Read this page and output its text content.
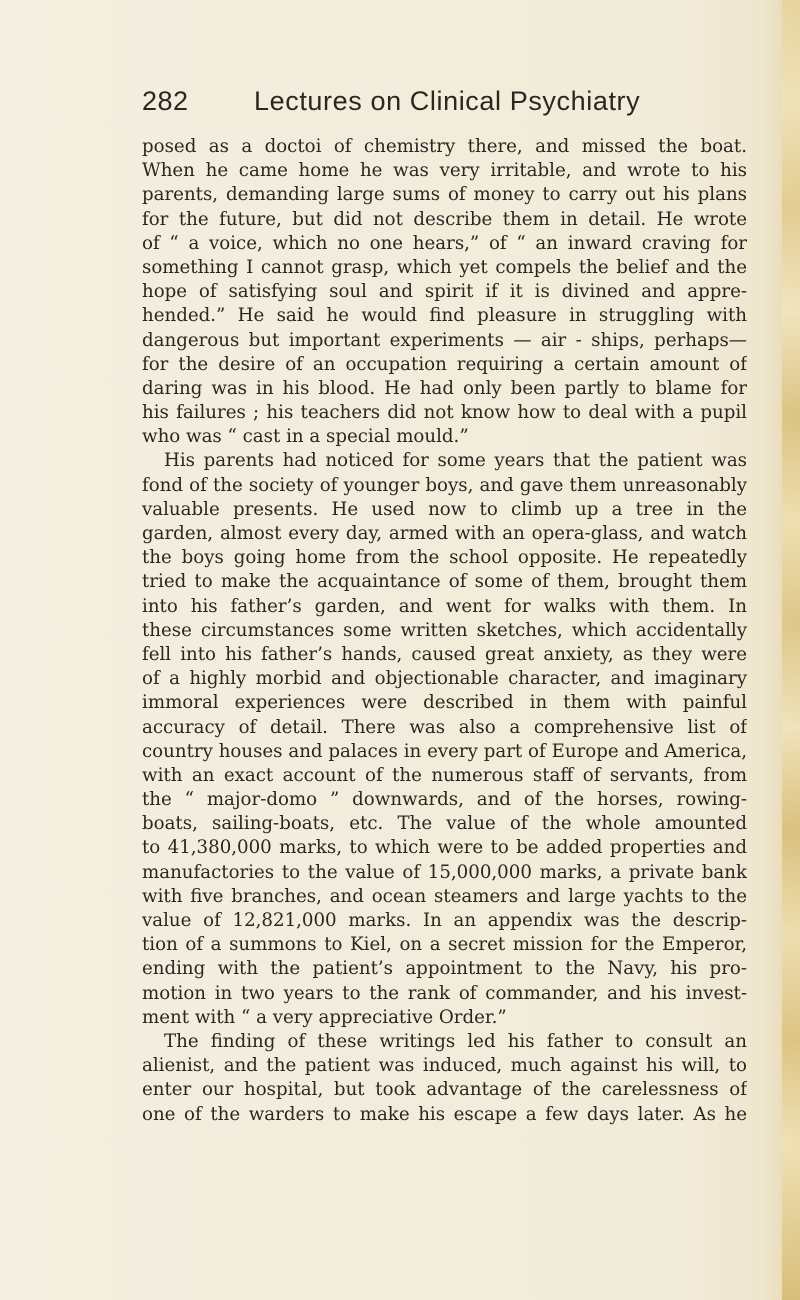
282 Lectures on Clinical Psychiatry
posed as a doctoi of chemistry there, and missed the boat.
When he came home he was very irritable, and wrote to his
parents, demanding large sums of money to carry out his plans
for the future, but did not describe them in detail. He wrote
of “ a voice, which no one hears,” of “ an inward craving for
something I cannot grasp, which yet compels the belief and the
hope of satisfying soul and spirit if it is divined and appre-
hended.” He said he would find pleasure in struggling with
dangerous but important experiments — air - ships, perhaps—
for the desire of an occupation requiring a certain amount of
daring was in his blood. He had only been partly to blame for
his failures ; his teachers did not know how to deal with a pupil
who was “ cast in a special mould.”
His parents had noticed for some years that the patient was
fond of the society of younger boys, and gave them unreasonably
valuable presents. He used now to climb up a tree in the
garden, almost every day, armed with an opera-glass, and watch
the boys going home from the school opposite. He repeatedly
tried to make the acquaintance of some of them, brought them
into his father’s garden, and went for walks with them. In
these circumstances some written sketches, which accidentally
fell into his father’s hands, caused great anxiety, as they were
of a highly morbid and objectionable character, and imaginary
immoral experiences were described in them with painful
accuracy of detail. There was also a comprehensive list of
country houses and palaces in every part of Europe and America,
with an exact account of the numerous staff of servants, from
the “ major-domo ” downwards, and of the horses, rowing-
boats, sailing-boats, etc. The value of the whole amounted
to 41,380,000 marks, to which were to be added properties and
manufactories to the value of 15,000,000 marks, a private bank
with five branches, and ocean steamers and large yachts to the
value of 12,821,000 marks. In an appendix was the descrip-
tion of a summons to Kiel, on a secret mission for the Emperor,
ending with the patient’s appointment to the Navy, his pro-
motion in two years to the rank of commander, and his invest-
ment with “ a very appreciative Order.”
The finding of these writings led his father to consult an
alienist, and the patient was induced, much against his will, to
enter our hospital, but took advantage of the carelessness of
one of the warders to make his escape a few days later. As he
